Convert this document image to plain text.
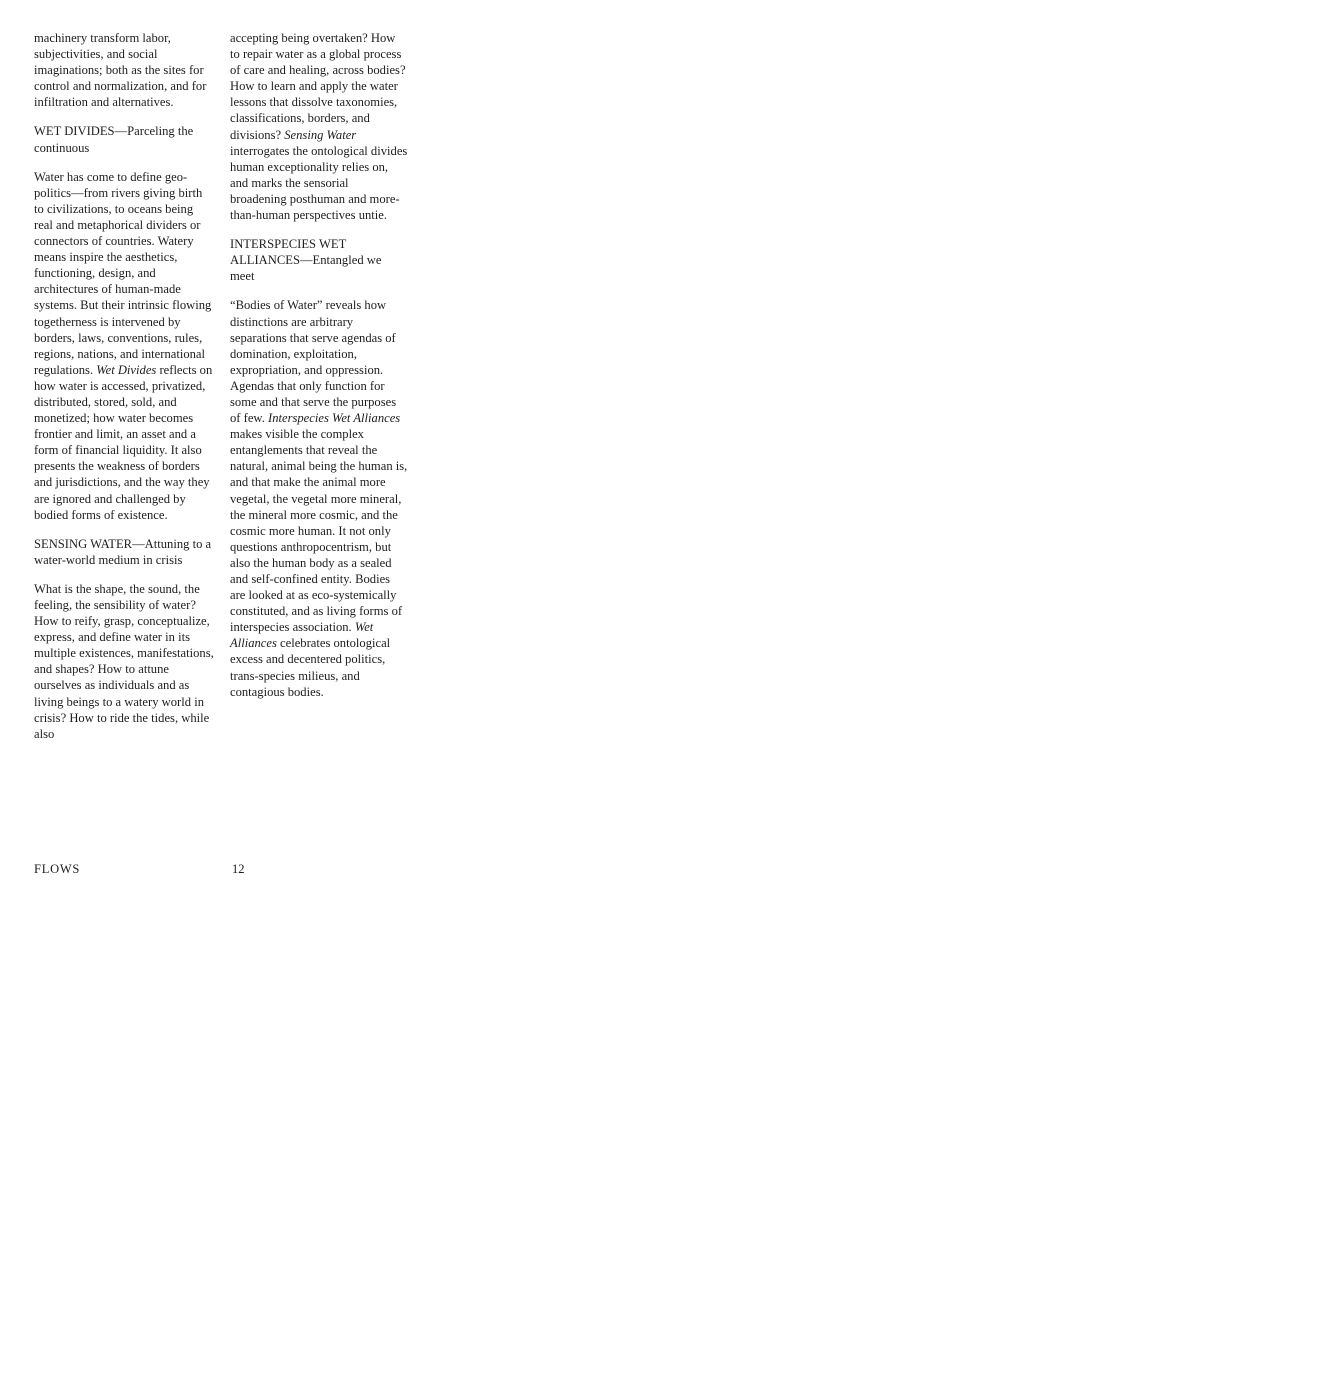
machinery transform labor, subjectivities, and social imaginations; both as the sites for control and normalization, and for infiltration and alternatives.

WET DIVIDES—Parceling the continuous

Water has come to define geo-politics—from rivers giving birth to civilizations, to oceans being real and metaphorical dividers or connectors of countries. Watery means inspire the aesthetics, functioning, design, and architectures of human-made systems. But their intrinsic flowing togetherness is intervened by borders, laws, conventions, rules, regions, nations, and international regulations. Wet Divides reflects on how water is accessed, privatized, distributed, stored, sold, and monetized; how water becomes frontier and limit, an asset and a form of financial liquidity. It also presents the weakness of borders and jurisdictions, and the way they are ignored and challenged by bodied forms of existence.

SENSING WATER—Attuning to a water-world medium in crisis

What is the shape, the sound, the feeling, the sensibility of water? How to reify, grasp, conceptualize, express, and define water in its multiple existences, manifestations, and shapes? How to attune ourselves as individuals and as living beings to a watery world in crisis? How to ride the tides, while also

accepting being overtaken? How to repair water as a global process of care and healing, across bodies? How to learn and apply the water lessons that dissolve taxonomies, classifications, borders, and divisions? Sensing Water interrogates the ontological divides human exceptionality relies on, and marks the sensorial broadening posthuman and more-than-human perspectives untie.

INTERSPECIES WET ALLIANCES—Entangled we meet

“Bodies of Water” reveals how distinctions are arbitrary separations that serve agendas of domination, exploitation, expropriation, and oppression. Agendas that only function for some and that serve the purposes of few. Interspecies Wet Alliances makes visible the complex entanglements that reveal the natural, animal being the human is, and that make the animal more vegetal, the vegetal more mineral, the mineral more cosmic, and the cosmic more human. It not only questions anthropocentrism, but also the human body as a sealed and self-confined entity. Bodies are looked at as eco-systemically constituted, and as living forms of interspecies association. Wet Alliances celebrates ontological excess and decentered politics, trans-species milieus, and contagious bodies.

FLOWS	12
